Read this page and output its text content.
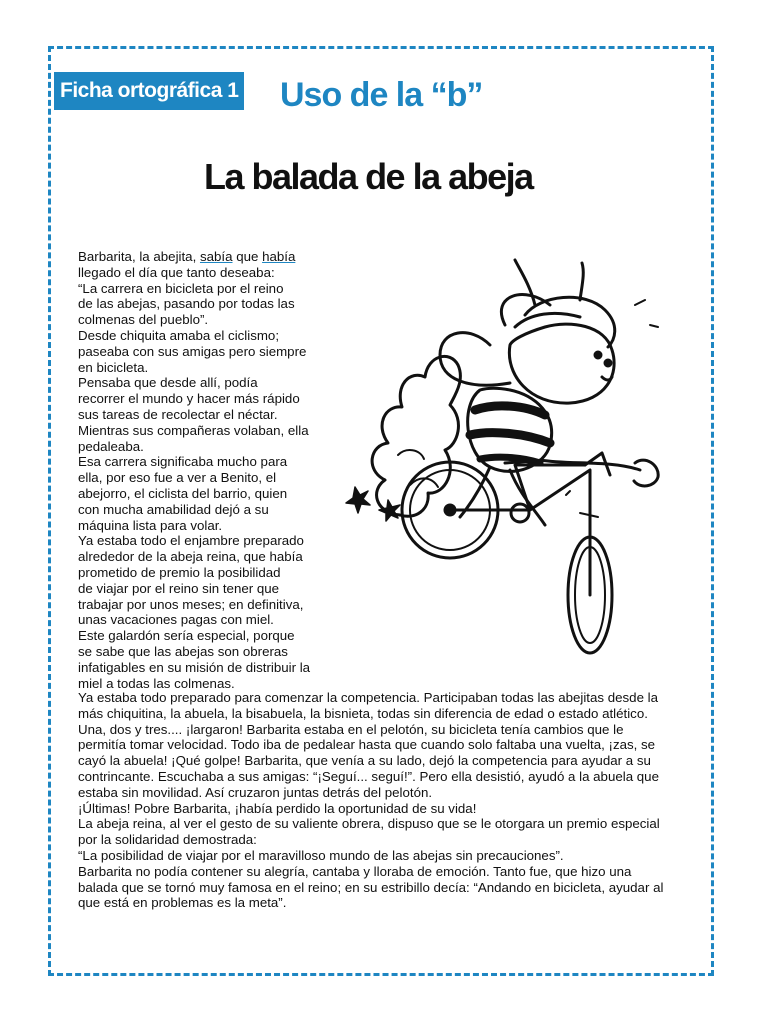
Ficha ortográfica 1 Uso de la “b”
La balada de la abeja
Barbarita, la abejita, sabía que había
llegado el día que tanto deseaba:
“La carrera en bicicleta por el reino
de las abejas, pasando por todas las
colmenas del pueblo”.
Desde chiquita amaba el ciclismo;
paseaba con sus amigas pero siempre
en bicicleta.
Pensaba que desde allí, podía
recorrer el mundo y hacer más rápido
sus tareas de recolectar el néctar.
Mientras sus compañeras volaban, ella
pedaleaba.
Esa carrera significaba mucho para
ella, por eso fue a ver a Benito, el
abejorro, el ciclista del barrio, quien
con mucha amabilidad dejó a su
máquina lista para volar.
Ya estaba todo el enjambre preparado
alrededor de la abeja reina, que había
prometido de premio la posibilidad
de viajar por el reino sin tener que
trabajar por unos meses; en definitiva,
unas vacaciones pagas con miel.
Este galardón sería especial, porque
se sabe que las abejas son obreras
infatigables en su misión de distribuir la
miel a todas las colmenas.
Ya estaba todo preparado para comenzar la competencia. Participaban todas las abejitas desde la
más chiquitina, la abuela, la bisabuela, la bisnieta, todas sin diferencia de edad o estado atlético.
Una, dos y tres.... ¡largaron! Barbarita estaba en el pelotón, su bicicleta tenía cambios que le
permitía tomar velocidad. Todo iba de pedalear hasta que cuando solo faltaba una vuelta, ¡zas, se
cayó la abuela! ¡Qué golpe! Barbarita, que venía a su lado, dejó la competencia para ayudar a su
contrincante. Escuchaba a sus amigas: “¡Seguí... seguí!”. Pero ella desistió, ayudó a la abuela que
estaba sin movilidad. Así cruzaron juntas detrás del pelotón.
¡Últimas! Pobre Barbarita, ¡había perdido la oportunidad de su vida!
La abeja reina, al ver el gesto de su valiente obrera, dispuso que se le otorgara un premio especial
por la solidaridad demostrada:
“La posibilidad de viajar por el maravilloso mundo de las abejas sin precauciones”.
Barbarita no podía contener su alegría, cantaba y lloraba de emoción. Tanto fue, que hizo una
balada que se tornó muy famosa en el reino; en su estribillo decía: “Andando en bicicleta, ayudar al
que está en problemas es la meta”.
